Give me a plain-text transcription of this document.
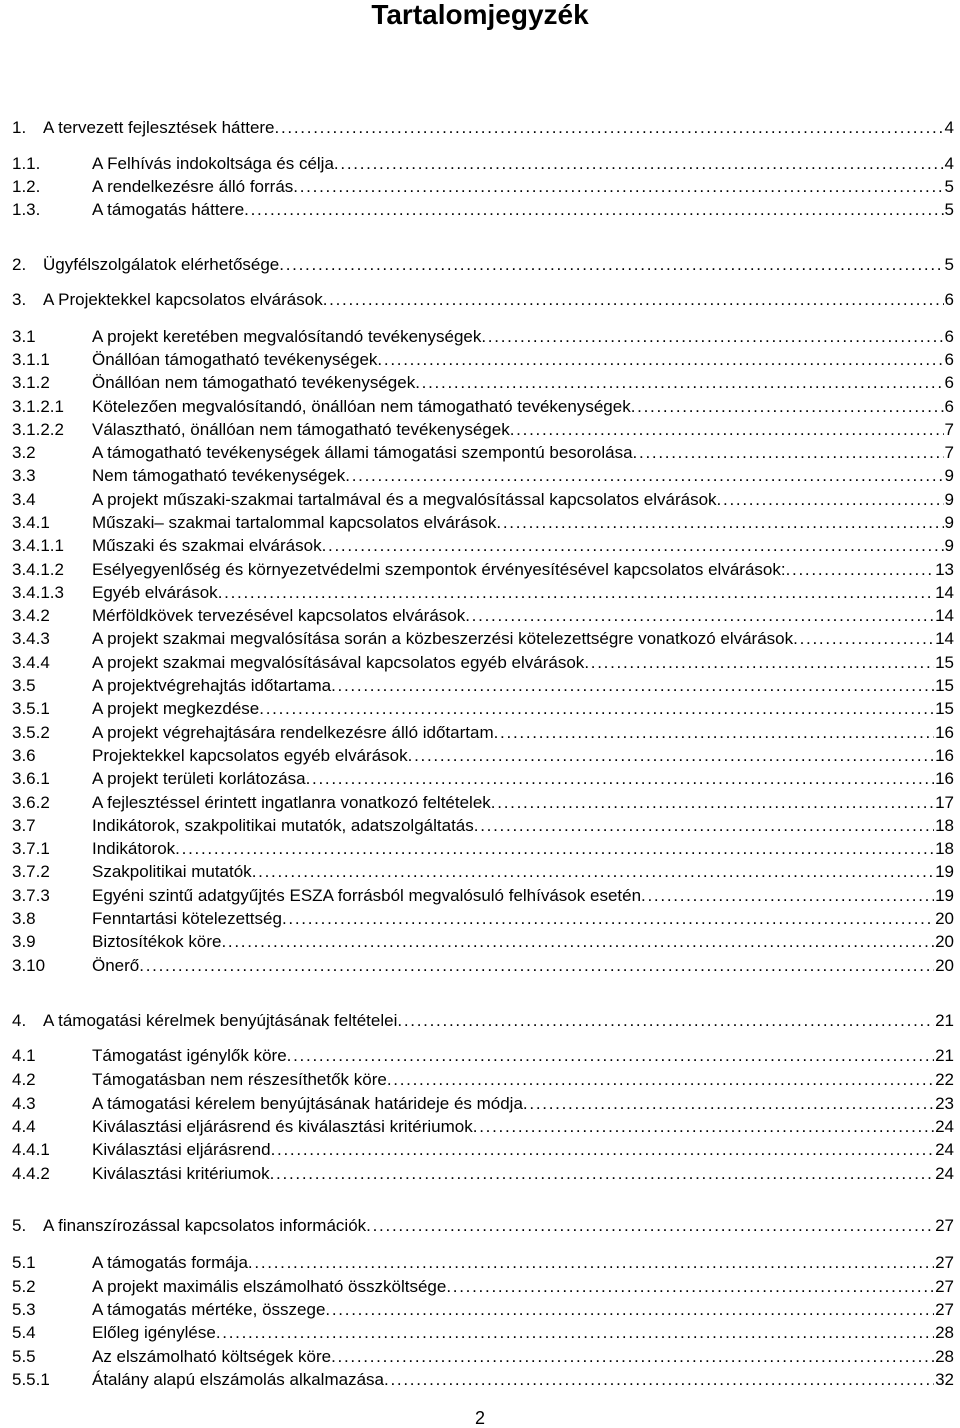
Tartalomjegyzék
1. A tervezett fejlesztések háttere . . .	4
1.1.	A Felhívás indokoltsága és célja . . .	4
1.2.	A rendelkezésre álló forrás . . .	5
1.3.	A támogatás háttere . . .	5
2. Ügyfélszolgálatok elérhetősége . . .	5
3. A Projektekkel kapcsolatos elvárások . . .	6
3.1	A projekt keretében megvalósítandó tevékenységek . . .	6
3.1.1 Önállóan támogatható tevékenységek . . .	6
3.1.2 Önállóan nem támogatható tevékenységek . . .	6
3.1.2.1 Kötelezően megvalósítandó, önállóan nem támogatható tevékenységek . . .	6
3.1.2.2 Választható, önállóan nem támogatható tevékenységek . . .	7
3.2	A támogatható tevékenységek állami támogatási szempontú besorolása . . .	7
3.3	Nem támogatható tevékenységek . . .	9
3.4	A projekt műszaki-szakmai tartalmával és a megvalósítással kapcsolatos elvárások . . .	9
3.4.1 Műszaki– szakmai tartalommal kapcsolatos elvárások . . .	9
3.4.1.1 Műszaki és szakmai elvárások . . .	9
3.4.1.2 Esélyegyenlőség és környezetvédelmi szempontok érvényesítésével kapcsolatos elvárások: . . .	13
3.4.1.3 Egyéb elvárások . . .	14
3.4.2 Mérföldkövek tervezésével kapcsolatos elvárások . . .	14
3.4.3 A projekt szakmai megvalósítása során a közbeszerzési kötelezettségre vonatkozó elvárások . . .	14
3.4.4 A projekt szakmai megvalósításával kapcsolatos egyéb elvárások . . .	15
3.5	A projektvégrehajtás időtartama . . .	15
3.5.1 A projekt megkezdése . . .	15
3.5.2 A projekt végrehajtására rendelkezésre álló időtartam . . .	16
3.6	Projektekkel kapcsolatos egyéb elvárások . . .	16
3.6.1 A projekt területi korlátozása . . .	16
3.6.2 A fejlesztéssel érintett ingatlanra vonatkozó feltételek . . .	17
3.7	Indikátorok, szakpolitikai mutatók, adatszolgáltatás . . .	18
3.7.1 Indikátorok . . .	18
3.7.2 Szakpolitikai mutatók . . .	19
3.7.3 Egyéni szintű adatgyűjtés ESZA forrásból megvalósuló felhívások esetén . . .	19
3.8	Fenntartási kötelezettség . . .	20
3.9	Biztosítékok köre . . .	20
3.10	Önerő . . .	20
4. A támogatási kérelmek benyújtásának feltételei . . .	21
4.1	Támogatást igénylők köre . . .	21
4.2	Támogatásban nem részesíthetők köre . . .	22
4.3	A támogatási kérelem benyújtásának határideje és módja . . .	23
4.4	Kiválasztási eljárásrend és kiválasztási kritériumok . . .	24
4.4.1 Kiválasztási eljárásrend . . .	24
4.4.2 Kiválasztási kritériumok . . .	24
5. A finanszírozással kapcsolatos információk . . .	27
5.1	A támogatás formája . . .	27
5.2	A projekt maximális elszámolható összköltsége . . .	27
5.3	A támogatás mértéke, összege . . .	27
5.4	Előleg igénylése . . .	28
5.5	Az elszámolható költségek köre . . .	28
5.5.1 Átalány alapú elszámolás alkalmazása . . .	32
2
